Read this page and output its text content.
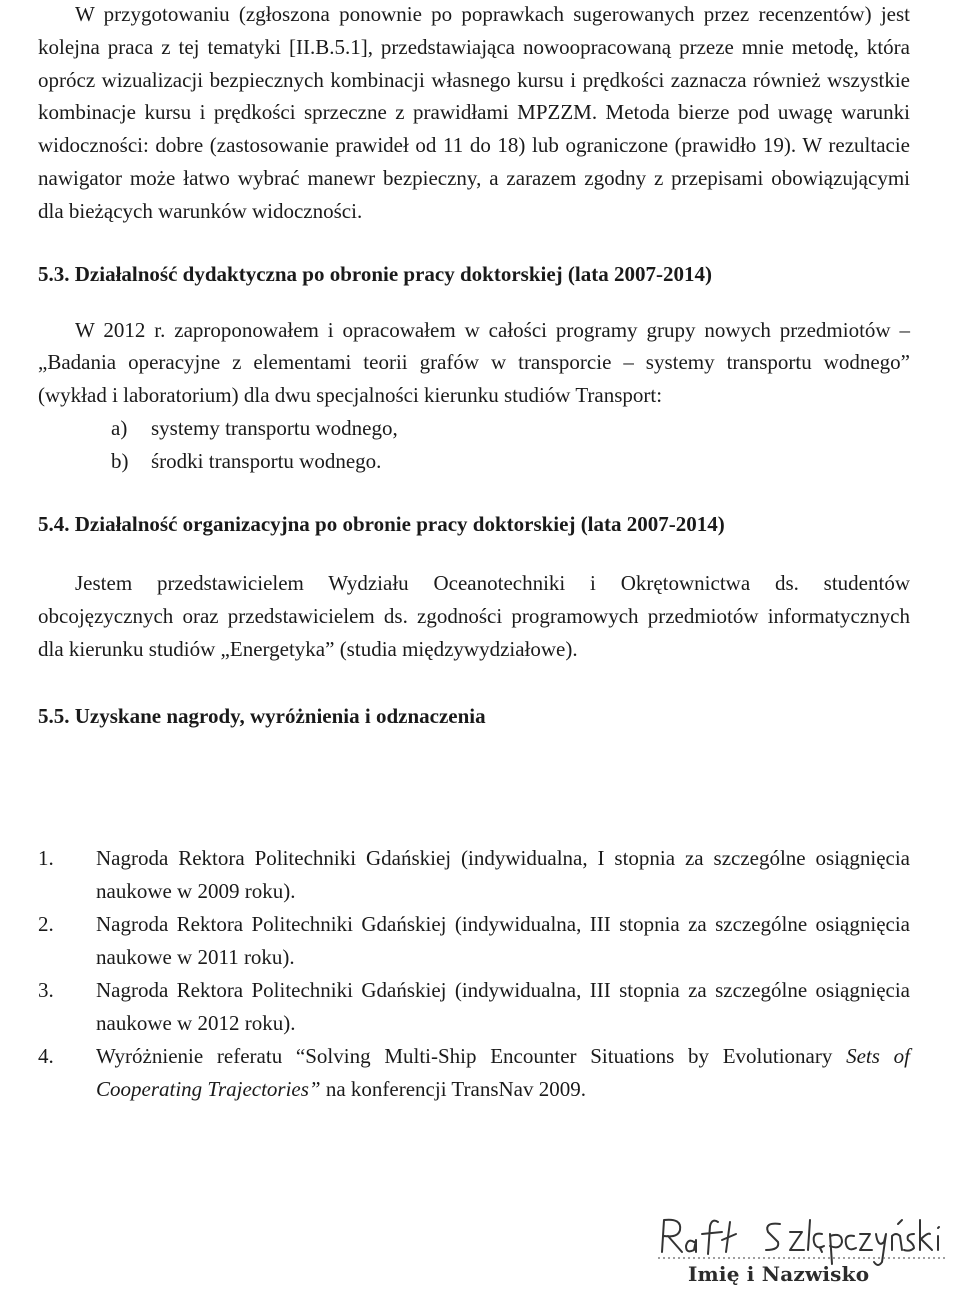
W przygotowaniu (zgłoszona ponownie po poprawkach sugerowanych przez recenzentów) jest kolejna praca z tej tematyki [II.B.5.1], przedstawiająca nowoopracowaną przeze mnie metodę, która oprócz wizualizacji bezpiecznych kombinacji własnego kursu i prędkości zaznacza również wszystkie kombinacje kursu i prędkości sprzeczne z prawidłami MPZZM. Metoda bierze pod uwagę warunki widoczności: dobre (zastosowanie prawideł od 11 do 18) lub ograniczone (prawidło 19). W rezultacie nawigator może łatwo wybrać manewr bezpieczny, a zarazem zgodny z przepisami obowiązującymi dla bieżących warunków widoczności.

5.3. Działalność dydaktyczna po obronie pracy doktorskiej (lata 2007-2014)

W 2012 r. zaproponowałem i opracowałem w całości programy grupy nowych przedmiotów – „Badania operacyjne z elementami teorii grafów w transporcie – systemy transportu wodnego” (wykład i laboratorium) dla dwu specjalności kierunku studiów Transport:

a)	systemy transportu wodnego,
b)	środki transportu wodnego.
5.4. Działalność organizacyjna po obronie pracy doktorskiej (lata 2007-2014)

Jestem przedstawicielem Wydziału Oceanotechniki i Okrętownictwa ds. studentów obcojęzycznych oraz przedstawicielem ds. zgodności programowych przedmiotów informatycznych dla kierunku studiów „Energetyka” (studia międzywydziałowe).

5.5. Uzyskane nagrody, wyróżnienia i odznaczenia
1.	Nagroda Rektora Politechniki Gdańskiej (indywidualna, I stopnia za szczególne osiągnięcia naukowe w 2009 roku).
2.	Nagroda Rektora Politechniki Gdańskiej (indywidualna, III stopnia za szczególne osiągnięcia naukowe w 2011 roku).
3.	Nagroda Rektora Politechniki Gdańskiej (indywidualna, III stopnia za szczególne osiągnięcia naukowe w 2012 roku).
4.	Wyróżnienie referatu “Solving Multi-Ship Encounter Situations by Evolutionary Sets of Cooperating Trajectories” na konferencji TransNav 2009.
Imię i Nazwisko
